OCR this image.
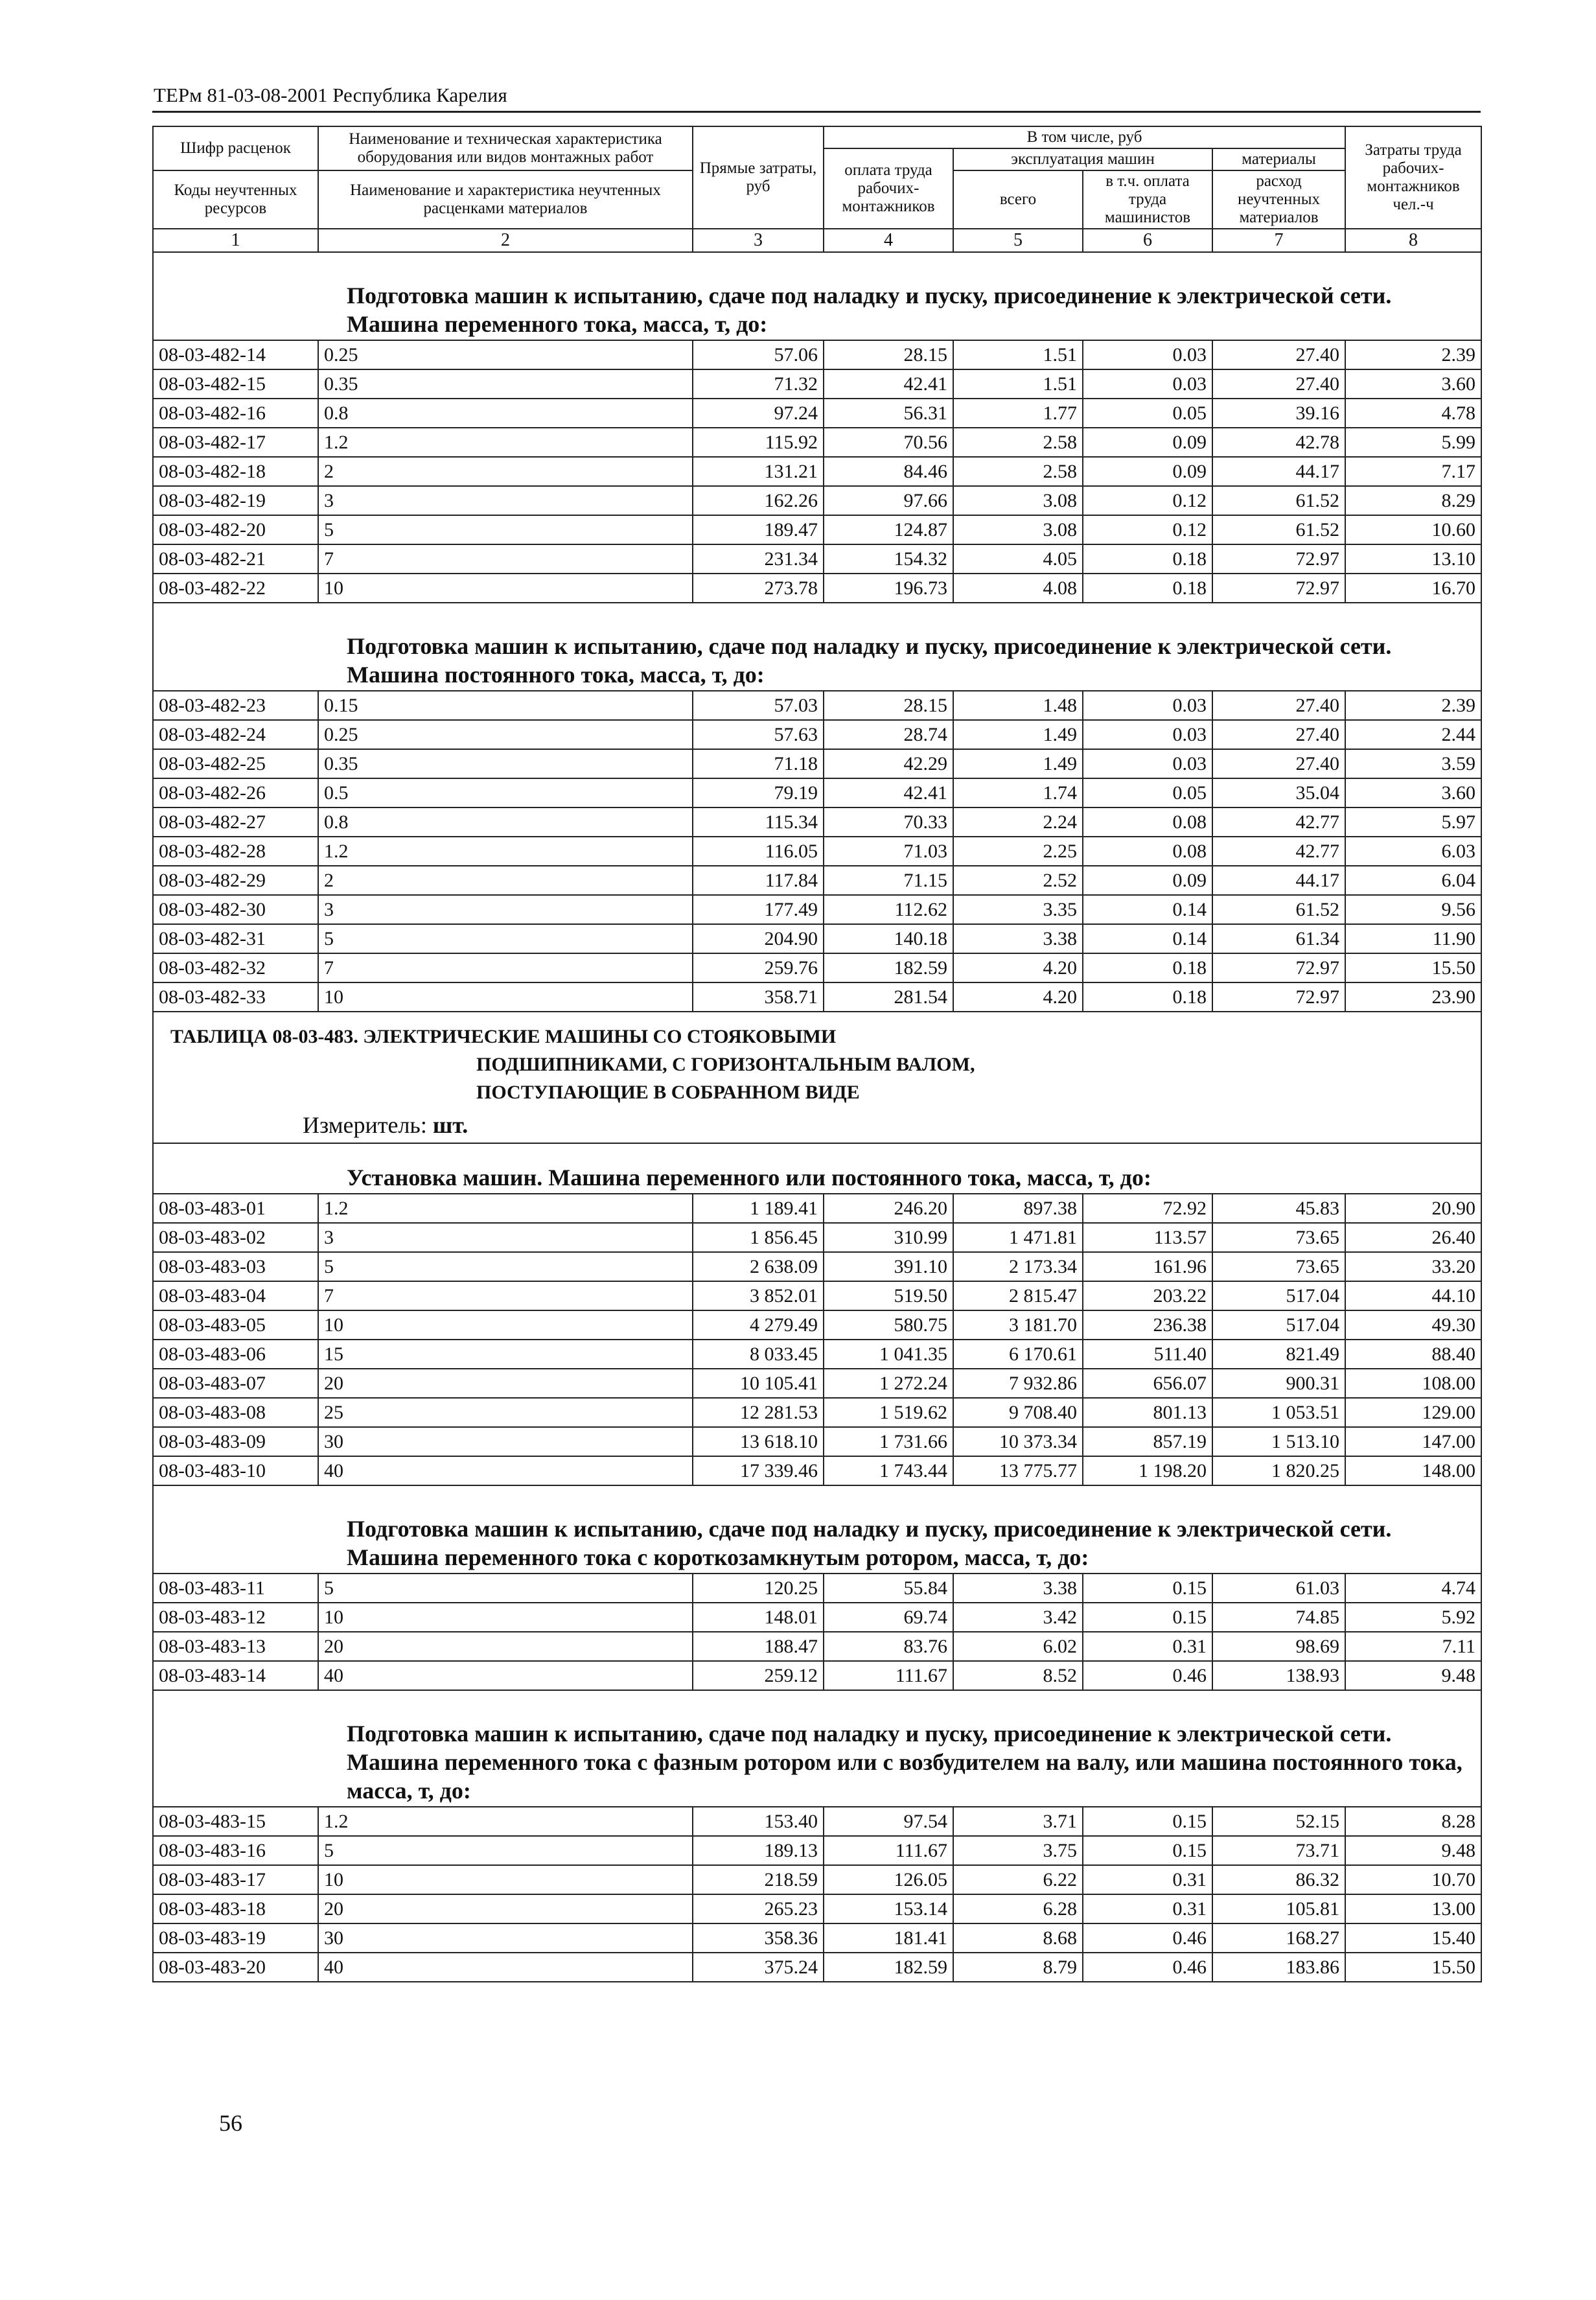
ТЕРм 81-03-08-2001 Республика Карелия
Шифр расценок	Наименование и техническая характеристика оборудования или видов монтажных работ	Прямые затраты, руб	В том числе, руб				Затраты труда рабочих-монтажников чел.-ч
			оплата труда рабочих-монтажников	эксплуатация машин		материалы	
				всего	в т.ч. оплата труда машинистов	расход неучтенных материалов	
Коды неучтенных ресурсов	Наименование и характеристика неучтенных расценками материалов						

1	2	3	4	5	6	7	8
Подготовка машин к испытанию, сдаче под наладку и пуску, присоединение к электрической сети. Машина переменного тока, масса, т, до:							
08-03-482-14	0.25	57.06	28.15	1.51	0.03	27.40	2.39
08-03-482-15	0.35	71.32	42.41	1.51	0.03	27.40	3.60
08-03-482-16	0.8	97.24	56.31	1.77	0.05	39.16	4.78
08-03-482-17	1.2	115.92	70.56	2.58	0.09	42.78	5.99
08-03-482-18	2	131.21	84.46	2.58	0.09	44.17	7.17
08-03-482-19	3	162.26	97.66	3.08	0.12	61.52	8.29
08-03-482-20	5	189.47	124.87	3.08	0.12	61.52	10.60
08-03-482-21	7	231.34	154.32	4.05	0.18	72.97	13.10
08-03-482-22	10	273.78	196.73	4.08	0.18	72.97	16.70
Подготовка машин к испытанию, сдаче под наладку и пуску, присоединение к электрической сети. Машина постоянного тока, масса, т, до:							
08-03-482-23	0.15	57.03	28.15	1.48	0.03	27.40	2.39
08-03-482-24	0.25	57.63	28.74	1.49	0.03	27.40	2.44
08-03-482-25	0.35	71.18	42.29	1.49	0.03	27.40	3.59
08-03-482-26	0.5	79.19	42.41	1.74	0.05	35.04	3.60
08-03-482-27	0.8	115.34	70.33	2.24	0.08	42.77	5.97
08-03-482-28	1.2	116.05	71.03	2.25	0.08	42.77	6.03
08-03-482-29	2	117.84	71.15	2.52	0.09	44.17	6.04
08-03-482-30	3	177.49	112.62	3.35	0.14	61.52	9.56
08-03-482-31	5	204.90	140.18	3.38	0.14	61.34	11.90
08-03-482-32	7	259.76	182.59	4.20	0.18	72.97	15.50
08-03-482-33	10	358.71	281.54	4.20	0.18	72.97	23.90

ТАБЛИЦА 08-03-483. ЭЛЕКТРИЧЕСКИЕ МАШИНЫ СО СТОЯКОВЫМИ
ПОДШИПНИКАМИ, С ГОРИЗОНТАЛЬНЫМ ВАЛОМ,
ПОСТУПАЮЩИЕ В СОБРАННОМ ВИДЕ
Измеритель: шт.							

Установка машин. Машина переменного или постоянного тока, масса, т, до:							
08-03-483-01	1.2	1 189.41	246.20	897.38	72.92	45.83	20.90
08-03-483-02	3	1 856.45	310.99	1 471.81	113.57	73.65	26.40
08-03-483-03	5	2 638.09	391.10	2 173.34	161.96	73.65	33.20
08-03-483-04	7	3 852.01	519.50	2 815.47	203.22	517.04	44.10
08-03-483-05	10	4 279.49	580.75	3 181.70	236.38	517.04	49.30
08-03-483-06	15	8 033.45	1 041.35	6 170.61	511.40	821.49	88.40
08-03-483-07	20	10 105.41	1 272.24	7 932.86	656.07	900.31	108.00
08-03-483-08	25	12 281.53	1 519.62	9 708.40	801.13	1 053.51	129.00
08-03-483-09	30	13 618.10	1 731.66	10 373.34	857.19	1 513.10	147.00
08-03-483-10	40	17 339.46	1 743.44	13 775.77	1 198.20	1 820.25	148.00
Подготовка машин к испытанию, сдаче под наладку и пуску, присоединение к электрической сети. Машина переменного тока с короткозамкнутым ротором, масса, т, до:							
08-03-483-11	5	120.25	55.84	3.38	0.15	61.03	4.74
08-03-483-12	10	148.01	69.74	3.42	0.15	74.85	5.92
08-03-483-13	20	188.47	83.76	6.02	0.31	98.69	7.11
08-03-483-14	40	259.12	111.67	8.52	0.46	138.93	9.48
Подготовка машин к испытанию, сдаче под наладку и пуску, присоединение к электрической сети. Машина переменного тока с фазным ротором или с возбудителем на валу, или машина постоянного тока, масса, т, до:							
08-03-483-15	1.2	153.40	97.54	3.71	0.15	52.15	8.28
08-03-483-16	5	189.13	111.67	3.75	0.15	73.71	9.48
08-03-483-17	10	218.59	126.05	6.22	0.31	86.32	10.70
08-03-483-18	20	265.23	153.14	6.28	0.31	105.81	13.00
08-03-483-19	30	358.36	181.41	8.68	0.46	168.27	15.40
08-03-483-20	40	375.24	182.59	8.79	0.46	183.86	15.50
56
